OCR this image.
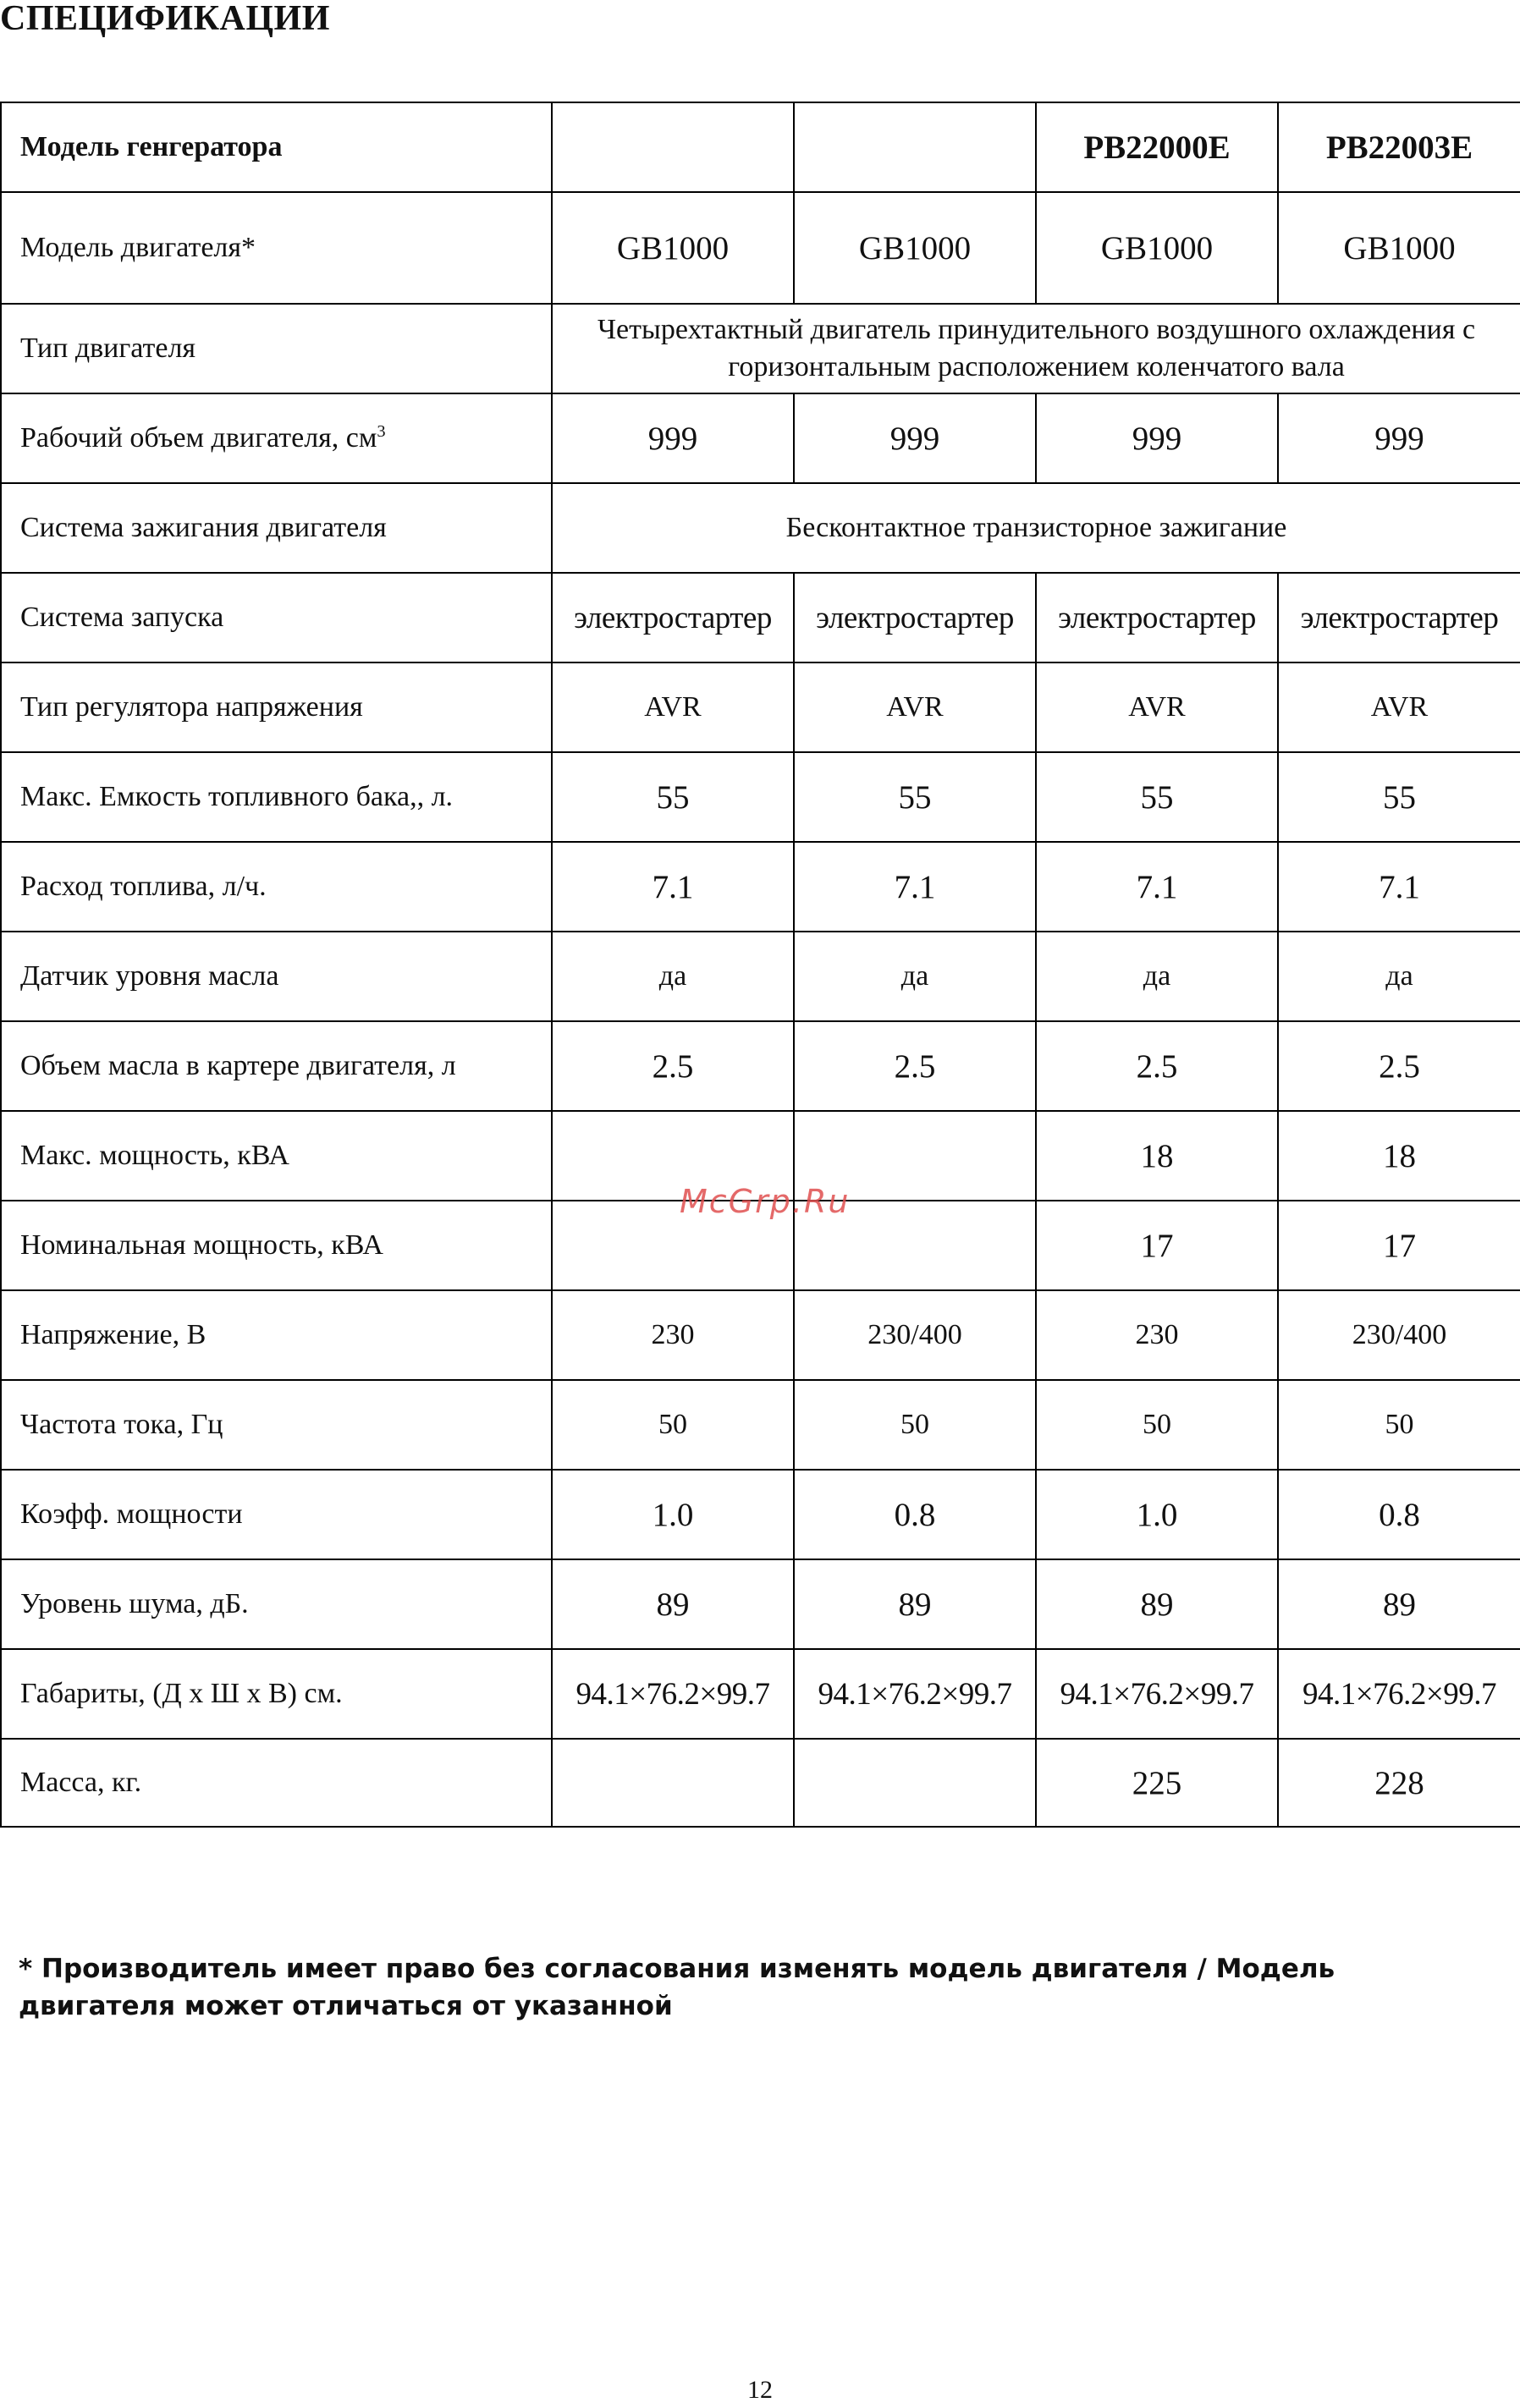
СПЕЦИФИКАЦИИ
Модель генгератора			PB22000E	PB22003E
Модель двигателя*	GB1000	GB1000	GB1000	GB1000
Тип двигателя	Четырехтактный двигатель принудительного воздушного охлаждения с горизонтальным расположением коленчатого вала			
Рабочий объем двигателя, $см^3$	999	999	999	999
Система зажигания двигателя	Бесконтактное транзисторное зажигание			
Система запуска	электростартер	электростартер	электростартер	электростартер
Тип регулятора напряжения	AVR	AVR	AVR	AVR
Макс. Емкость топливного бака,, л.	55	55	55	55
Расход топлива, л/ч.	7.1	7.1	7.1	7.1
Датчик уровня масла	да	да	да	да
Объем масла в картере двигателя, л	2.5	2.5	2.5	2.5
Макс. мощность, кВА			18	18
Номинальная мощность, кВА			17	17
Напряжение, В	230	230/400	230	230/400
Частота тока, Гц	50	50	50	50
Коэфф. мощности	1.0	0.8	1.0	0.8
Уровень шума, дБ.	89	89	89	89
Габариты, (Д х Ш х В) см.	94.1×76.2×99.7	94.1×76.2×99.7	94.1×76.2×99.7	94.1×76.2×99.7
Масса, кг.			225	228
McGrp.Ru
* Производитель имеет право без согласования изменять модель двигателя / Модель двигателя может отличаться от указанной
12
